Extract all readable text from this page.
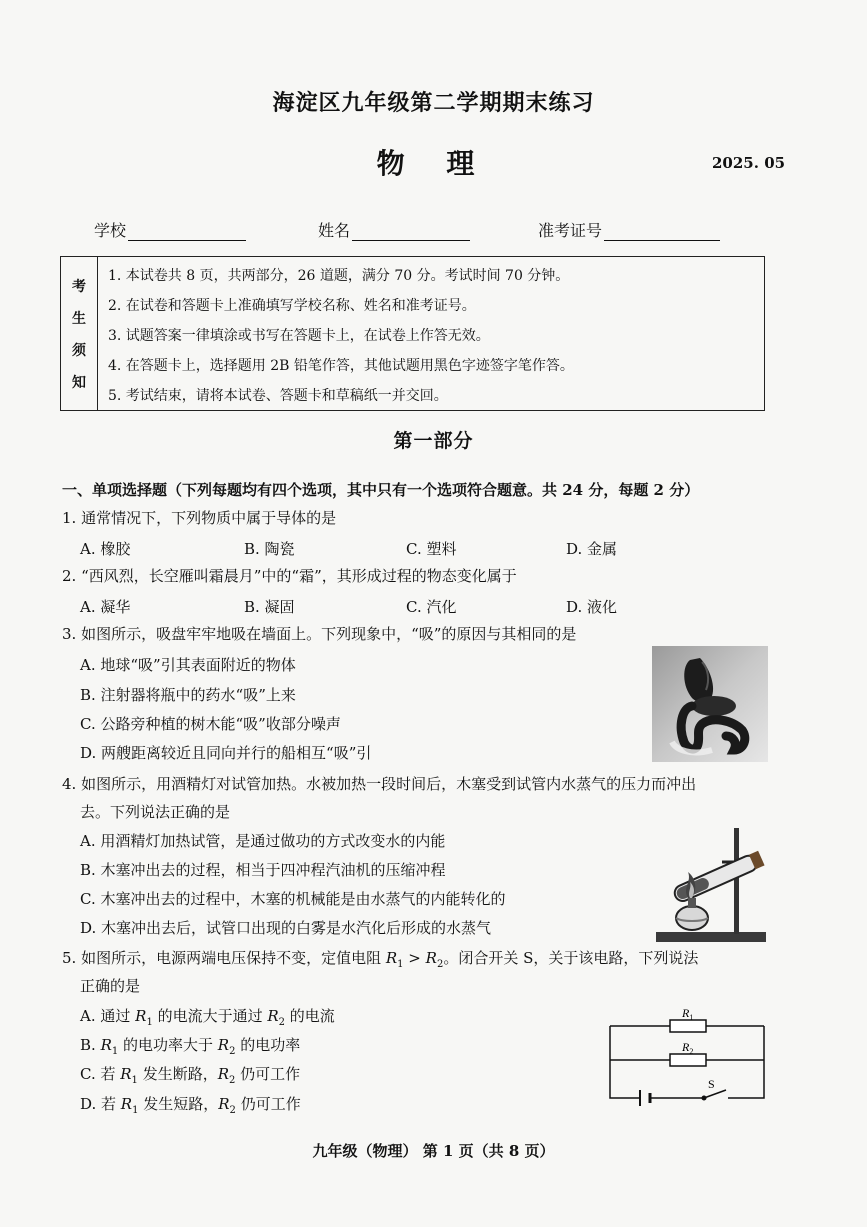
海淀区九年级第二学期期末练习
物 理	2025. 05
学校	姓名	准考证号
考
生
须
知
1. 本试卷共 8 页，共两部分，26 道题，满分 70 分。考试时间 70 分钟。
2. 在试卷和答题卡上准确填写学校名称、姓名和准考证号。
3. 试题答案一律填涂或书写在答题卡上，在试卷上作答无效。
4. 在答题卡上，选择题用 2B 铅笔作答，其他试题用黑色字迹签字笔作答。
5. 考试结束，请将本试卷、答题卡和草稿纸一并交回。
第一部分
一、单项选择题（下列每题均有四个选项，其中只有一个选项符合题意。共 24 分，每题 2 分）
1. 通常情况下，下列物质中属于导体的是
A. 橡胶	B. 陶瓷	C. 塑料	D. 金属
2. “西风烈，长空雁叫霜晨月”中的“霜”，其形成过程的物态变化属于
A. 凝华	B. 凝固	C. 汽化	D. 液化
3. 如图所示，吸盘牢牢地吸在墙面上。下列现象中，“吸”的原因与其相同的是
A. 地球“吸”引其表面附近的物体
B. 注射器将瓶中的药水“吸”上来
C. 公路旁种植的树木能“吸”收部分噪声
D. 两艘距离较近且同向并行的船相互“吸”引
4. 如图所示，用酒精灯对试管加热。水被加热一段时间后，木塞受到试管内水蒸气的压力而冲出
去。下列说法正确的是
A. 用酒精灯加热试管，是通过做功的方式改变水的内能
B. 木塞冲出去的过程，相当于四冲程汽油机的压缩冲程
C. 木塞冲出去的过程中，木塞的机械能是由水蒸气的内能转化的
D. 木塞冲出去后，试管口出现的白雾是水汽化后形成的水蒸气
5. 如图所示，电源两端电压保持不变，定值电阻 $R_1 > R_2$。闭合开关 S，关于该电路，下列说法
正确的是
A. 通过 $R_1$ 的电流大于通过 $R_2$ 的电流
B. $R_1$ 的电功率大于 $R_2$ 的电功率
C. 若 $R_1$ 发生断路，$R_2$ 仍可工作
D. 若 $R_1$ 发生短路，$R_2$ 仍可工作
$R_1$
$R_2$
S
九年级（物理） 第 1 页（共 8 页）
